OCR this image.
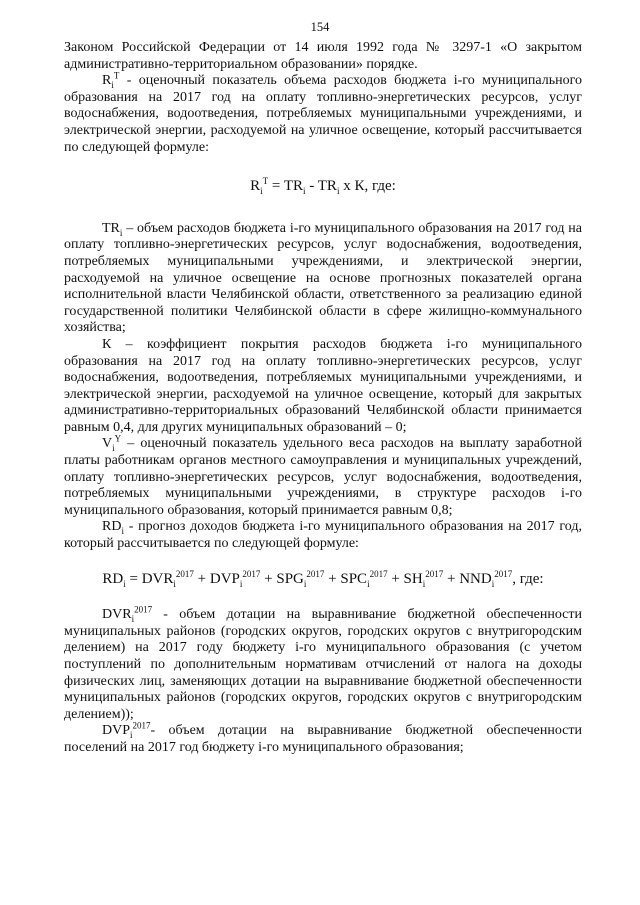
154

Законом Российской Федерации от 14 июля 1992 года № 3297-1 «О закрытом административно-территориальном образовании» порядке.

$R_i^T$ - оценочный показатель объема расходов бюджета i-го муниципального образования на 2017 год на оплату топливно-энергетических ресурсов, услуг водоснабжения, водоотведения, потребляемых муниципальными учреждениями, и электрической энергии, расходуемой на уличное освещение, который рассчитывается по следующей формуле:

$R_i^T = TR_i - TR_i$ x К, где:

$TR_i$ – объем расходов бюджета i-го муниципального образования на 2017 год на оплату топливно-энергетических ресурсов, услуг водоснабжения, водоотведения, потребляемых муниципальными учреждениями, и электрической энергии, расходуемой на уличное освещение на основе прогнозных показателей органа исполнительной власти Челябинской области, ответственного за реализацию единой государственной политики Челябинской области в сфере жилищно-коммунального хозяйства;

К – коэффициент покрытия расходов бюджета i-го муниципального образования на 2017 год на оплату топливно-энергетических ресурсов, услуг водоснабжения, водоотведения, потребляемых муниципальными учреждениями, и электрической энергии, расходуемой на уличное освещение, который для закрытых административно-территориальных образований Челябинской области принимается равным 0,4, для других муниципальных образований – 0;

$V_i^Y$ – оценочный показатель удельного веса расходов на выплату заработной платы работникам органов местного самоуправления и муниципальных учреждений, оплату топливно-энергетических ресурсов, услуг водоснабжения, водоотведения, потребляемых муниципальными учреждениями, в структуре расходов i-го муниципального образования, который принимается равным 0,8;

$RD_i$ - прогноз доходов бюджета i-го муниципального образования на 2017 год, который рассчитывается по следующей формуле:

$RD_i = DVR_i^{2017} + DVP_i^{2017} + SPG_i^{2017} + SPC_i^{2017} + SH_i^{2017} + NND_i^{2017}$, где:

$DVR_i^{2017}$ - объем дотации на выравнивание бюджетной обеспеченности муниципальных районов (городских округов, городских округов с внутригородским делением) на 2017 году бюджету i-го муниципального образования (с учетом поступлений по дополнительным нормативам отчислений от налога на доходы физических лиц, заменяющих дотации на выравнивание бюджетной обеспеченности муниципальных районов (городских округов, городских округов с внутригородским делением));

$DVP_i^{2017}-$ объем дотации на выравнивание бюджетной обеспеченности поселений на 2017 год бюджету i-го муниципального образования;
